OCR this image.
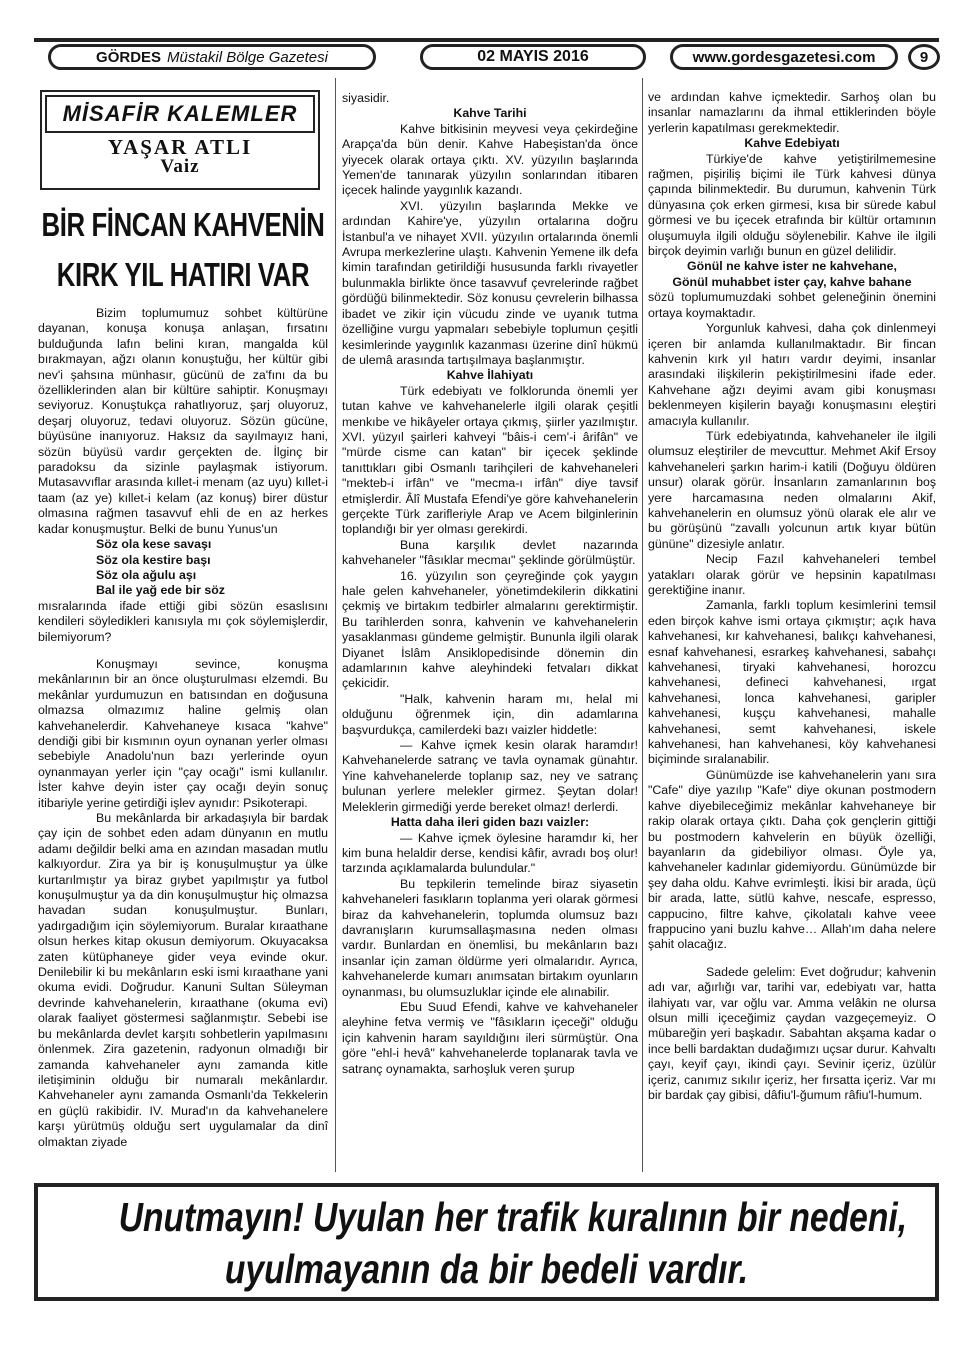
GÖRDES Müstakil Bölge Gazetesi	02 MAYIS 2016	www.gordesgazetesi.com	9
MİSAFİR KALEMLER
YAŞAR ATLI
Vaiz
BİR FİNCAN KAHVENİN
KIRK YIL HATIRI VAR

Bizim toplumumuz sohbet kültürüne dayanan, konuşa konuşa anlaşan, fırsatını bulduğunda lafın belini kıran, mangalda kül bırakmayan, ağzı olanın konuştuğu, her kültür gibi nev'i şahsına münhasır, gücünü de za'fını da bu özelliklerinden alan bir kültüre sahiptir. Konuşmayı seviyoruz. Konuştukça rahatlıyoruz, şarj oluyoruz, deşarj oluyoruz, tedavi oluyoruz. Sözün gücüne, büyüsüne inanıyoruz. Haksız da sayılmayız hani, sözün büyüsü vardır gerçekten de. İlginç bir paradoksu da sizinle paylaşmak istiyorum. Mutasavvıflar arasında kıllet-i menam (az uyu) kıllet-i taam (az ye) kıllet-i kelam (az konuş) birer düstur olmasına rağmen tasavvuf ehli de en az herkes kadar konuşmuştur. Belki de bunu Yunus'un

Söz ola kese savaşı

Söz ola kestire başı

Söz ola ağulu aşı

Bal ile yağ ede bir söz

mısralarında ifade ettiği gibi sözün esaslısını kendileri söyledikleri kanısıyla mı çok söylemişlerdir, bilemiyorum?

Konuşmayı sevince, konuşma mekânlarının bir an önce oluşturulması elzemdi. Bu mekânlar yurdumuzun en batısından en doğusuna olmazsa olmazımız haline gelmiş olan kahvehanelerdir. Kahvehaneye kısaca "kahve" dendiği gibi bir kısmının oyun oynanan yerler olması sebebiyle Anadolu'nun bazı yerlerinde oyun oynanmayan yerler için "çay ocağı" ismi kullanılır. İster kahve deyin ister çay ocağı deyin sonuç itibariyle yerine getirdiği işlev aynıdır: Psikoterapi.

Bu mekânlarda bir arkadaşıyla bir bardak çay için de sohbet eden adam dünyanın en mutlu adamı değildir belki ama en azından masadan mutlu kalkıyordur. Zira ya bir iş konuşulmuştur ya ülke kurtarılmıştır ya biraz gıybet yapılmıştır ya futbol konuşulmuştur ya da din konuşulmuştur hiç olmazsa havadan sudan konuşulmuştur. Bunları, yadırgadığım için söylemiyorum. Buralar kıraathane olsun herkes kitap okusun demiyorum. Okuyacaksa zaten kütüphaneye gider veya evinde okur. Denilebilir ki bu mekânların eski ismi kıraathane yani okuma evidi. Doğrudur. Kanuni Sultan Süleyman devrinde kahvehanelerin, kıraathane (okuma evi) olarak faaliyet göstermesi sağlanmıştır. Sebebi ise bu mekânlarda devlet karşıtı sohbetlerin yapılmasını önlenmek. Zira gazetenin, radyonun olmadığı bir zamanda kahvehaneler aynı zamanda kitle iletişiminin olduğu bir numaralı mekânlardır. Kahvehaneler aynı zamanda Osmanlı'da Tekkelerin en güçlü rakibidir. IV. Murad'ın da kahvehanelere karşı yürütmüş olduğu sert uygulamalar da dinî olmaktan ziyade

siyasidir.

Kahve Tarihi

Kahve bitkisinin meyvesi veya çekirdeğine Arapça'da bün denir. Kahve Habeşistan'da önce yiyecek olarak ortaya çıktı. XV. yüzyılın başlarında Yemen'de tanınarak yüzyılın sonlarından itibaren içecek halinde yaygınlık kazandı.

XVI. yüzyılın başlarında Mekke ve ardından Kahire'ye, yüzyılın ortalarına doğru İstanbul'a ve nihayet XVII. yüzyılın ortalarında önemli Avrupa merkezlerine ulaştı. Kahvenin Yemene ilk defa kimin tarafından getirildiği hususunda farklı rivayetler bulunmakla birlikte önce tasavvuf çevrelerinde rağbet gördüğü bilinmektedir. Söz konusu çevrelerin bilhassa ibadet ve zikir için vücudu zinde ve uyanık tutma özelliğine vurgu yapmaları sebebiyle toplumun çeşitli kesimlerinde yaygınlık kazanması üzerine dinî hükmü de ulemâ arasında tartışılmaya başlanmıştır.

Kahve İlahiyatı

Türk edebiyatı ve folklorunda önemli yer tutan kahve ve kahvehanelerle ilgili olarak çeşitli menkıbe ve hikâyeler ortaya çıkmış, şiirler yazılmıştır. XVI. yüzyıl şairleri kahveyi "bâis-i cem'-i ârifân" ve "mürde cisme can katan" bir içecek şeklinde tanıttıkları gibi Osmanlı tarihçileri de kahvehaneleri "mekteb-i irfân" ve "mecma-ı irfân" diye tavsif etmişlerdir. Âlî Mustafa Efendi'ye göre kahvehanelerin gerçekte Türk zarifleriyle Arap ve Acem bilginlerinin toplandığı bir yer olması gerekirdi.

Buna karşılık devlet nazarında kahvehaneler "fâsıklar mecmaı" şeklinde görülmüştür.

16. yüzyılın son çeyreğinde çok yaygın hale gelen kahvehaneler, yönetimdekilerin dikkatini çekmiş ve birtakım tedbirler almalarını gerektirmiştir. Bu tarihlerden sonra, kahvenin ve kahvehanelerin yasaklanması gündeme gelmiştir. Bununla ilgili olarak Diyanet İslâm Ansiklopedisinde dönemin din adamlarının kahve aleyhindeki fetvaları dikkat çekicidir.

"Halk, kahvenin haram mı, helal mi olduğunu öğrenmek için, din adamlarına başvurdukça, camilerdeki bazı vaizler hiddetle:

— Kahve içmek kesin olarak haramdır! Kahvehanelerde satranç ve tavla oynamak günahtır. Yine kahvehanelerde toplanıp saz, ney ve satranç bulunan yerlere melekler girmez. Şeytan dolar! Meleklerin girmediği yerde bereket olmaz! derlerdi.

Hatta daha ileri giden bazı vaizler:

— Kahve içmek öylesine haramdır ki, her kim buna helaldir derse, kendisi kâfir, avradı boş olur! tarzında açıklamalarda bulundular."

Bu tepkilerin temelinde biraz siyasetin kahvehaneleri fasıkların toplanma yeri olarak görmesi biraz da kahvehanelerin, toplumda olumsuz bazı davranışların kurumsallaşmasına neden olması vardır. Bunlardan en önemlisi, bu mekânların bazı insanlar için zaman öldürme yeri olmalarıdır. Ayrıca, kahvehanelerde kumarı anımsatan birtakım oyunların oynanması, bu olumsuzluklar içinde ele alınabilir.

Ebu Suud Efendi, kahve ve kahvehaneler aleyhine fetva vermiş ve "fâsıkların içeceği" olduğu için kahvenin haram sayıldığını ileri sürmüştür. Ona göre "ehl-i hevâ" kahvehanelerde toplanarak tavla ve satranç oynamakta, sarhoşluk veren şurup

ve ardından kahve içmektedir. Sarhoş olan bu insanlar namazlarını da ihmal ettiklerinden böyle yerlerin kapatılması gerekmektedir.

Kahve Edebiyatı

Türkiye'de kahve yetiştirilmemesine rağmen, pişiriliş biçimi ile Türk kahvesi dünya çapında bilinmektedir. Bu durumun, kahvenin Türk dünyasına çok erken girmesi, kısa bir sürede kabul görmesi ve bu içecek etrafında bir kültür ortamının oluşumuyla ilgili olduğu söylenebilir. Kahve ile ilgili birçok deyimin varlığı bunun en güzel delilidir.

Gönül ne kahve ister ne kahvehane,

Gönül muhabbet ister çay, kahve bahane

sözü toplumumuzdaki sohbet geleneğinin önemini ortaya koymaktadır.

Yorgunluk kahvesi, daha çok dinlenmeyi içeren bir anlamda kullanılmaktadır. Bir fincan kahvenin kırk yıl hatırı vardır deyimi, insanlar arasındaki ilişkilerin pekiştirilmesini ifade eder. Kahvehane ağzı deyimi avam gibi konuşması beklenmeyen kişilerin bayağı konuşmasını eleştiri amacıyla kullanılır.

Türk edebiyatında, kahvehaneler ile ilgili olumsuz eleştiriler de mevcuttur. Mehmet Akif Ersoy kahvehaneleri şarkın harim-i katili (Doğuyu öldüren unsur) olarak görür. İnsanların zamanlarının boş yere harcamasına neden olmalarını Akif, kahvehanelerin en olumsuz yönü olarak ele alır ve bu görüşünü "zavallı yolcunun artık kıyar bütün gününe" dizesiyle anlatır.

Necip Fazıl kahvehaneleri tembel yatakları olarak görür ve hepsinin kapatılması gerektiğine inanır.

Zamanla, farklı toplum kesimlerini temsil eden birçok kahve ismi ortaya çıkmıştır; açık hava kahvehanesi, kır kahvehanesi, balıkçı kahvehanesi, esnaf kahvehanesi, esrarkeş kahvehanesi, sabahçı kahvehanesi, tiryaki kahvehanesi, horozcu kahvehanesi, defineci kahvehanesi, ırgat kahvehanesi, lonca kahvehanesi, garipler kahvehanesi, kuşçu kahvehanesi, mahalle kahvehanesi, semt kahvehanesi, iskele kahvehanesi, han kahvehanesi, köy kahvehanesi biçiminde sıralanabilir.

Günümüzde ise kahvehanelerin yanı sıra "Cafe" diye yazılıp "Kafe" diye okunan postmodern kahve diyebileceğimiz mekânlar kahvehaneye bir rakip olarak ortaya çıktı. Daha çok gençlerin gittiği bu postmodern kahvelerin en büyük özelliği, bayanların da gidebiliyor olması. Öyle ya, kahvehaneler kadınlar gidemiyordu. Günümüzde bir şey daha oldu. Kahve evrimleşti. İkisi bir arada, üçü bir arada, latte, sütlü kahve, nescafe, espresso, cappucino, filtre kahve, çikolatalı kahve veee frappucino yani buzlu kahve… Allah'ım daha nelere şahit olacağız.

Sadede gelelim: Evet doğrudur; kahvenin adı var, ağırlığı var, tarihi var, edebiyatı var, hatta ilahiyatı var, var oğlu var. Amma velâkin ne olursa olsun milli içeceğimiz çaydan vazgeçemeyiz. O mübareğin yeri başkadır. Sabahtan akşama kadar o ince belli bardaktan dudağımızı uçsar durur. Kahvaltı çayı, keyif çayı, ikindi çayı. Sevinir içeriz, üzülür içeriz, canımız sıkılır içeriz, her fırsatta içeriz. Var mı bir bardak çay gibisi, dâfiu'l-ğumum râfiu'l-humum.

Unutmayın! Uyulan her trafik kuralının bir nedeni,
uyulmayanın da bir bedeli vardır.
